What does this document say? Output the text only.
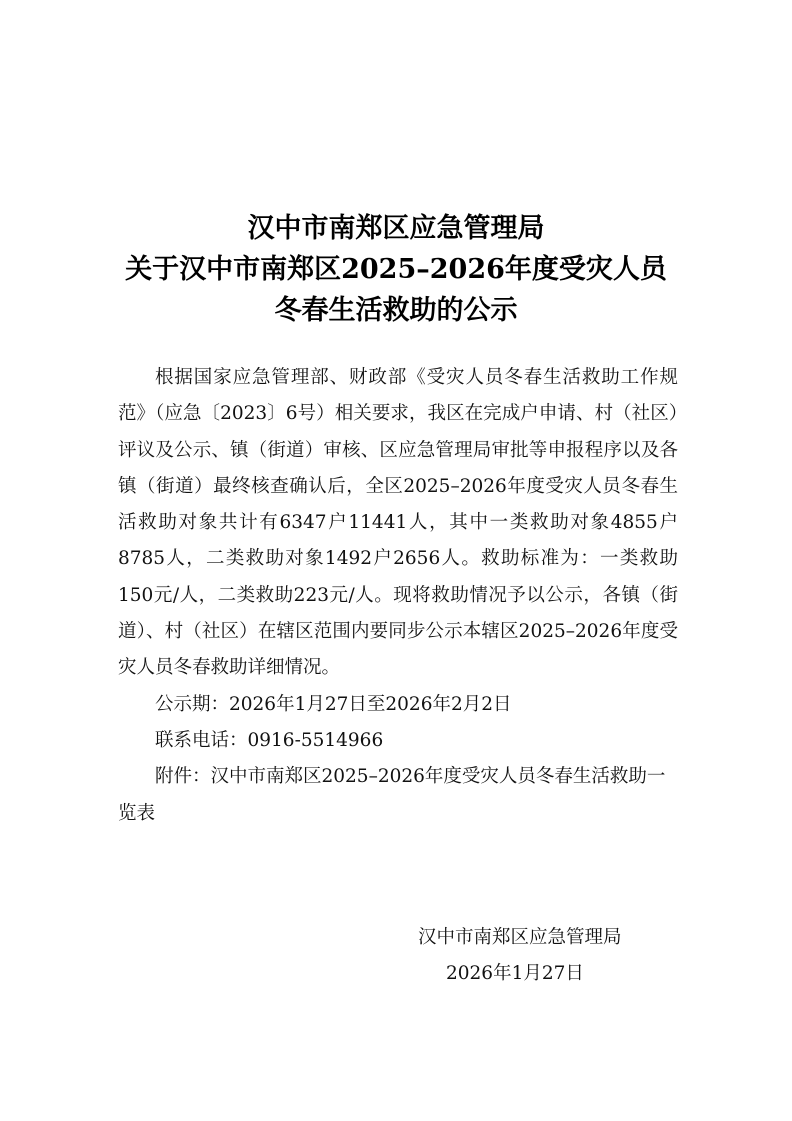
汉中市南郑区应急管理局
关于汉中市南郑区2025–2026年度受灾人员
冬春生活救助的公示

根据国家应急管理部、财政部《受灾人员冬春生活救助工作规范》（应急〔2023〕6号）相关要求，我区在完成户申请、村（社区）评议及公示、镇（街道）审核、区应急管理局审批等申报程序以及各镇（街道）最终核查确认后，全区2025–2026年度受灾人员冬春生活救助对象共计有6347户11441人，其中一类救助对象4855户8785人，二类救助对象1492户2656人。救助标准为：一类救助150元/人，二类救助223元/人。现将救助情况予以公示，各镇（街道）、村（社区）在辖区范围内要同步公示本辖区2025–2026年度受灾人员冬春救助详细情况。

公示期：2026年1月27日至2026年2月2日

联系电话：0916-5514966

附件：汉中市南郑区2025–2026年度受灾人员冬春生活救助一览表

汉中市南郑区应急管理局
2026年1月27日
